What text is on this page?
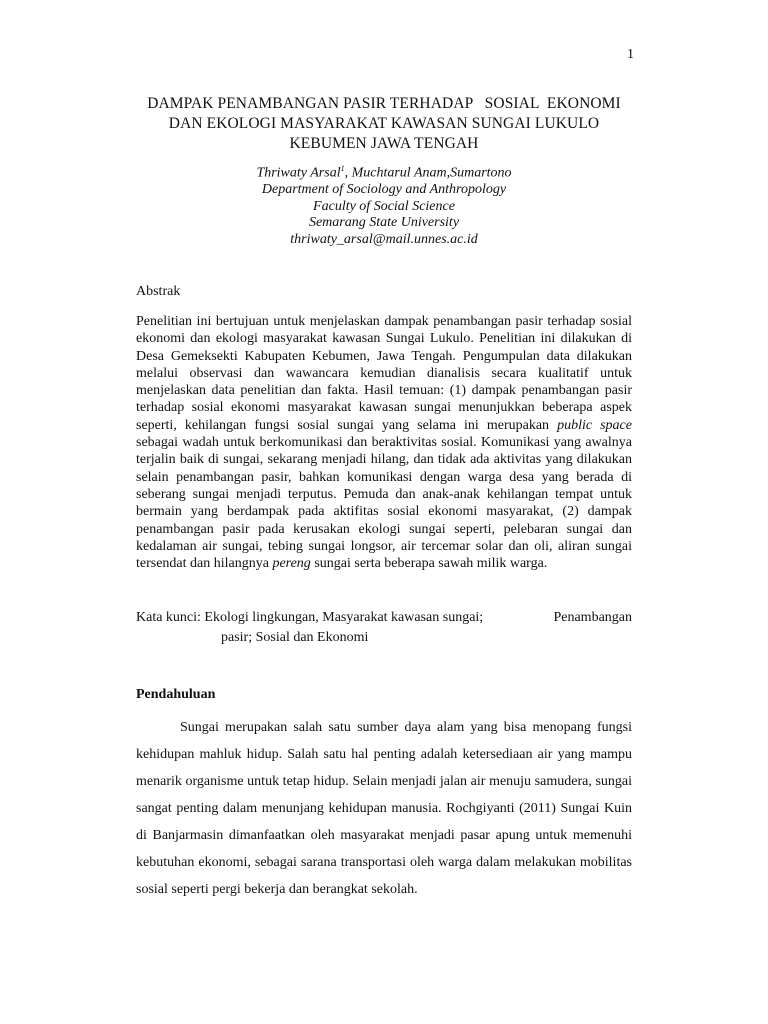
1
DAMPAK PENAMBANGAN PASIR TERHADAP   SOSIAL  EKONOMI
DAN EKOLOGI MASYARAKAT KAWASAN SUNGAI LUKULO
KEBUMEN JAWA TENGAH
Thriwaty Arsal$^1$, Muchtarul Anam,Sumartono
Department of Sociology and Anthropology
Faculty of Social Science
Semarang State University
thriwaty_arsal@mail.unnes.ac.id
Abstrak
Penelitian ini bertujuan untuk menjelaskan dampak penambangan pasir terhadap sosial ekonomi dan ekologi masyarakat kawasan Sungai Lukulo. Penelitian ini dilakukan di Desa Gemeksekti Kabupaten Kebumen, Jawa Tengah. Pengumpulan data dilakukan melalui observasi dan wawancara kemudian dianalisis secara kualitatif untuk menjelaskan data penelitian dan fakta. Hasil temuan: (1) dampak penambangan pasir terhadap sosial ekonomi masyarakat kawasan sungai menunjukkan beberapa aspek seperti, kehilangan fungsi sosial sungai yang selama ini merupakan public space sebagai wadah untuk berkomunikasi dan beraktivitas sosial. Komunikasi yang awalnya terjalin baik di sungai, sekarang menjadi hilang, dan tidak ada aktivitas yang dilakukan selain penambangan pasir, bahkan komunikasi dengan warga desa yang berada di seberang sungai menjadi terputus. Pemuda dan anak-anak kehilangan tempat untuk bermain yang berdampak pada aktifitas sosial ekonomi masyarakat, (2) dampak penambangan pasir pada kerusakan ekologi sungai seperti, pelebaran sungai dan kedalaman air sungai, tebing sungai longsor, air tercemar solar dan oli, aliran sungai tersendat dan hilangnya pereng sungai serta beberapa sawah milik warga.
Kata kunci: Ekologi lingkungan, Masyarakat kawasan sungai;	Penambangan
pasir; Sosial dan Ekonomi
Pendahuluan
Sungai merupakan salah satu sumber daya alam yang bisa menopang fungsi kehidupan mahluk hidup. Salah satu hal penting adalah ketersediaan air yang mampu menarik organisme untuk tetap hidup. Selain menjadi jalan air menuju samudera, sungai sangat penting dalam menunjang kehidupan manusia. Rochgiyanti (2011) Sungai Kuin di Banjarmasin dimanfaatkan oleh masyarakat menjadi pasar apung untuk memenuhi kebutuhan ekonomi, sebagai sarana transportasi oleh warga dalam melakukan mobilitas sosial seperti pergi bekerja dan berangkat sekolah.
